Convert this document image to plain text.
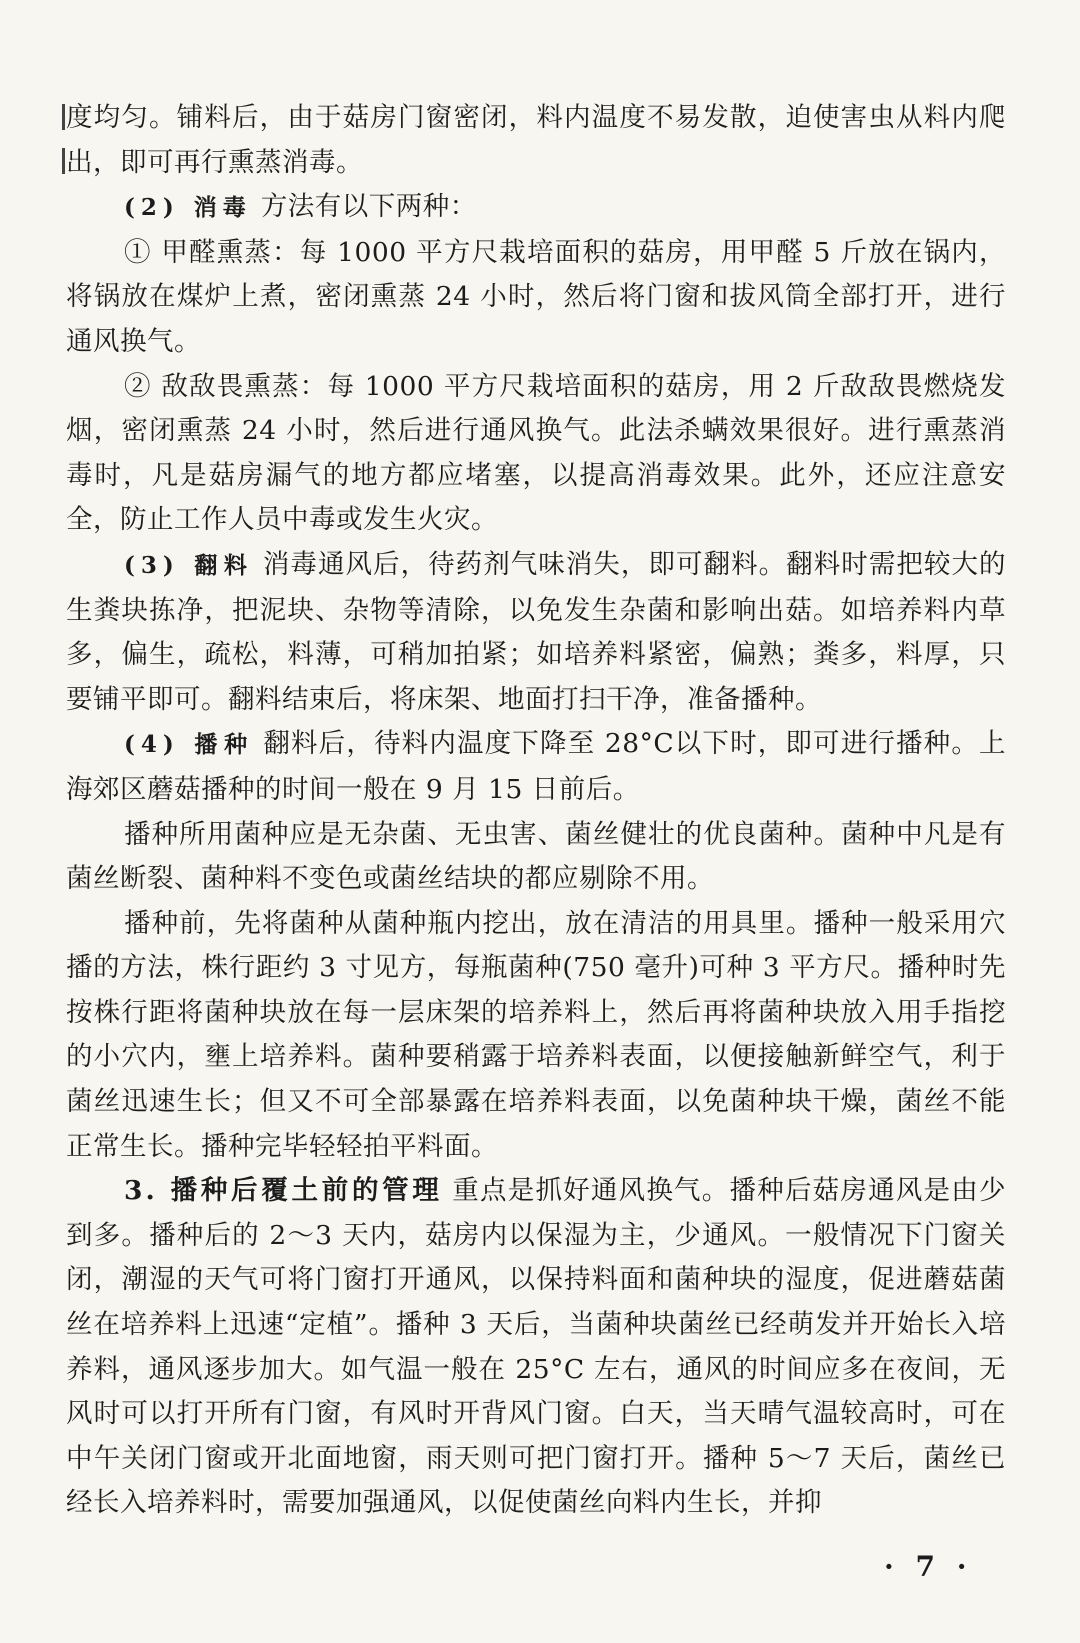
度均匀。铺料后，由于菇房门窗密闭，料内温度不易发散，迫使害虫从料内爬出，即可再行熏蒸消毒。

(2) 消毒 方法有以下两种：

① 甲醛熏蒸：每 1000 平方尺栽培面积的菇房，用甲醛 5 斤放在锅内，将锅放在煤炉上煮，密闭熏蒸 24 小时，然后将门窗和拔风筒全部打开，进行通风换气。

② 敌敌畏熏蒸：每 1000 平方尺栽培面积的菇房，用 2 斤敌敌畏燃烧发烟，密闭熏蒸 24 小时，然后进行通风换气。此法杀螨效果很好。进行熏蒸消毒时，凡是菇房漏气的地方都应堵塞，以提高消毒效果。此外，还应注意安全，防止工作人员中毒或发生火灾。

(3) 翻料 消毒通风后，待药剂气味消失，即可翻料。翻料时需把较大的生粪块拣净，把泥块、杂物等清除，以免发生杂菌和影响出菇。如培养料内草多，偏生，疏松，料薄，可稍加拍紧；如培养料紧密，偏熟；粪多，料厚，只要铺平即可。翻料结束后，将床架、地面打扫干净，准备播种。

(4) 播种 翻料后，待料内温度下降至 28°C以下时，即可进行播种。上海郊区蘑菇播种的时间一般在 9 月 15 日前后。

播种所用菌种应是无杂菌、无虫害、菌丝健壮的优良菌种。菌种中凡是有菌丝断裂、菌种料不变色或菌丝结块的都应剔除不用。

播种前，先将菌种从菌种瓶内挖出，放在清洁的用具里。播种一般采用穴播的方法，株行距约 3 寸见方，每瓶菌种(750 毫升)可种 3 平方尺。播种时先按株行距将菌种块放在每一层床架的培养料上，然后再将菌种块放入用手指挖的小穴内，壅上培养料。菌种要稍露于培养料表面，以便接触新鲜空气，利于菌丝迅速生长；但又不可全部暴露在培养料表面，以免菌种块干燥，菌丝不能正常生长。播种完毕轻轻拍平料面。

3. 播种后覆土前的管理 重点是抓好通风换气。播种后菇房通风是由少到多。播种后的 2～3 天内，菇房内以保湿为主，少通风。一般情况下门窗关闭，潮湿的天气可将门窗打开通风，以保持料面和菌种块的湿度，促进蘑菇菌丝在培养料上迅速“定植”。播种 3 天后，当菌种块菌丝已经萌发并开始长入培养料，通风逐步加大。如气温一般在 25°C 左右，通风的时间应多在夜间，无风时可以打开所有门窗，有风时开背风门窗。白天，当天晴气温较高时，可在中午关闭门窗或开北面地窗，雨天则可把门窗打开。播种 5～7 天后，菌丝已经长入培养料时，需要加强通风，以促使菌丝向料内生长，并抑

· 7 ·
